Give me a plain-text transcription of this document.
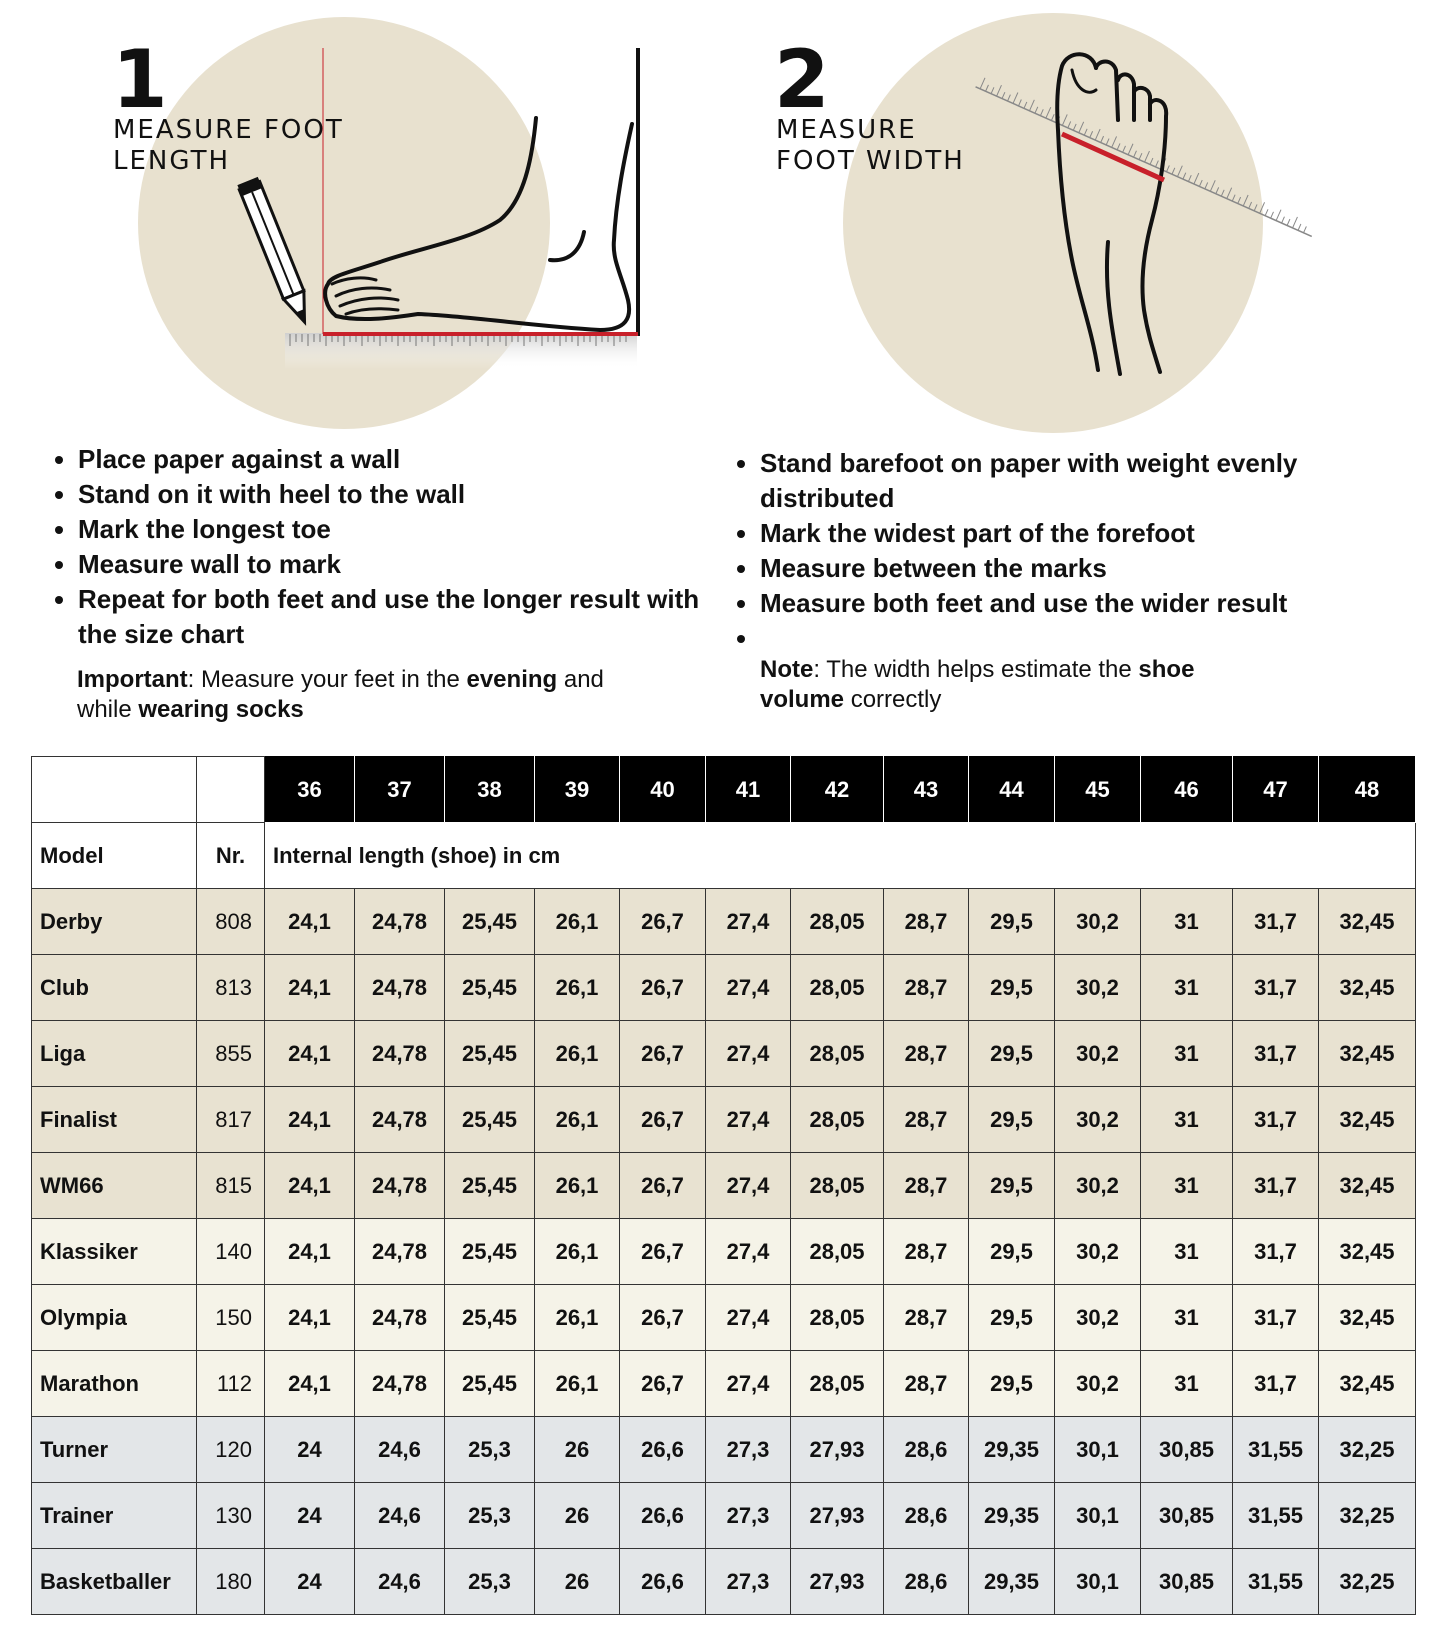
1
MEASURE FOOT
LENGTH
• Place paper against a wall
• Stand on it with heel to the wall
• Mark the longest toe
• Measure wall to mark
• Repeat for both feet and use the longer result with the size chart
Important: Measure your feet in the evening and while wearing socks
2
MEASURE
FOOT WIDTH
• Stand barefoot on paper with weight evenly distributed
• Mark the widest part of the forefoot
• Measure between the marks
• Measure both feet and use the wider result
•
Note: The width helps estimate the shoe volume correctly
		36	37	38	39	40	41	42	43	44	45	46	47	48
Model	Nr.	Internal length (shoe) in cm												
Derby	808	24,1	24,78	25,45	26,1	26,7	27,4	28,05	28,7	29,5	30,2	31	31,7	32,45
Club	813	24,1	24,78	25,45	26,1	26,7	27,4	28,05	28,7	29,5	30,2	31	31,7	32,45
Liga	855	24,1	24,78	25,45	26,1	26,7	27,4	28,05	28,7	29,5	30,2	31	31,7	32,45
Finalist	817	24,1	24,78	25,45	26,1	26,7	27,4	28,05	28,7	29,5	30,2	31	31,7	32,45
WM66	815	24,1	24,78	25,45	26,1	26,7	27,4	28,05	28,7	29,5	30,2	31	31,7	32,45
Klassiker	140	24,1	24,78	25,45	26,1	26,7	27,4	28,05	28,7	29,5	30,2	31	31,7	32,45
Olympia	150	24,1	24,78	25,45	26,1	26,7	27,4	28,05	28,7	29,5	30,2	31	31,7	32,45
Marathon	112	24,1	24,78	25,45	26,1	26,7	27,4	28,05	28,7	29,5	30,2	31	31,7	32,45
Turner	120	24	24,6	25,3	26	26,6	27,3	27,93	28,6	29,35	30,1	30,85	31,55	32,25
Trainer	130	24	24,6	25,3	26	26,6	27,3	27,93	28,6	29,35	30,1	30,85	31,55	32,25
Basketballer	180	24	24,6	25,3	26	26,6	27,3	27,93	28,6	29,35	30,1	30,85	31,55	32,25
